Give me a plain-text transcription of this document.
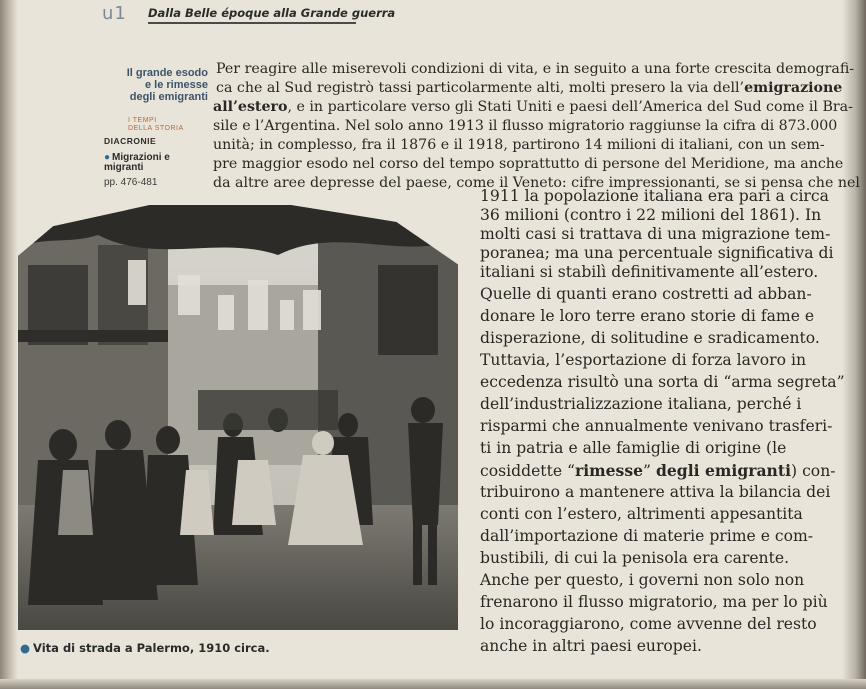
u1 Dalla Belle époque alla Grande guerra
Il grande esodo
e le rimesse
degli emigranti
I TEMPI
DELLA STORIA
DIACRONIE
● Migrazioni e
migranti
pp. 476-481
Per reagire alle miserevoli condizioni di vita, e in seguito a una forte crescita demografi-
ca che al Sud registrò tassi particolarmente alti, molti presero la via dell’emigrazione
all’estero, e in particolare verso gli Stati Uniti e paesi dell’America del Sud come il Bra-
sile e l’Argentina. Nel solo anno 1913 il flusso migratorio raggiunse la cifra di 873.000
unità; in complesso, fra il 1876 e il 1918, partirono 14 milioni di italiani, con un sem-
pre maggior esodo nel corso del tempo soprattutto di persone del Meridione, ma anche
da altre aree depresse del paese, come il Veneto: cifre impressionanti, se si pensa che nel
1911 la popolazione italiana era pari a circa
36 milioni (contro i 22 milioni del 1861). In
molti casi si trattava di una migrazione tem-
poranea; ma una percentuale significativa di
italiani si stabilì definitivamente all’estero.
Quelle di quanti erano costretti ad abban-
donare le loro terre erano storie di fame e
disperazione, di solitudine e sradicamento.
Tuttavia, l’esportazione di forza lavoro in
eccedenza risultò una sorta di “arma segreta”
dell’industrializzazione italiana, perché i
risparmi che annualmente venivano trasferi-
ti in patria e alle famiglie di origine (le
cosiddette “rimesse” degli emigranti) con-
tribuirono a mantenere attiva la bilancia dei
conti con l’estero, altrimenti appesantita
dall’importazione di materie prime e com-
bustibili, di cui la penisola era carente.
Anche per questo, i governi non solo non
frenarono il flusso migratorio, ma per lo più
lo incoraggiarono, come avvenne del resto
anche in altri paesi europei.
● Vita di strada a Palermo, 1910 circa.
